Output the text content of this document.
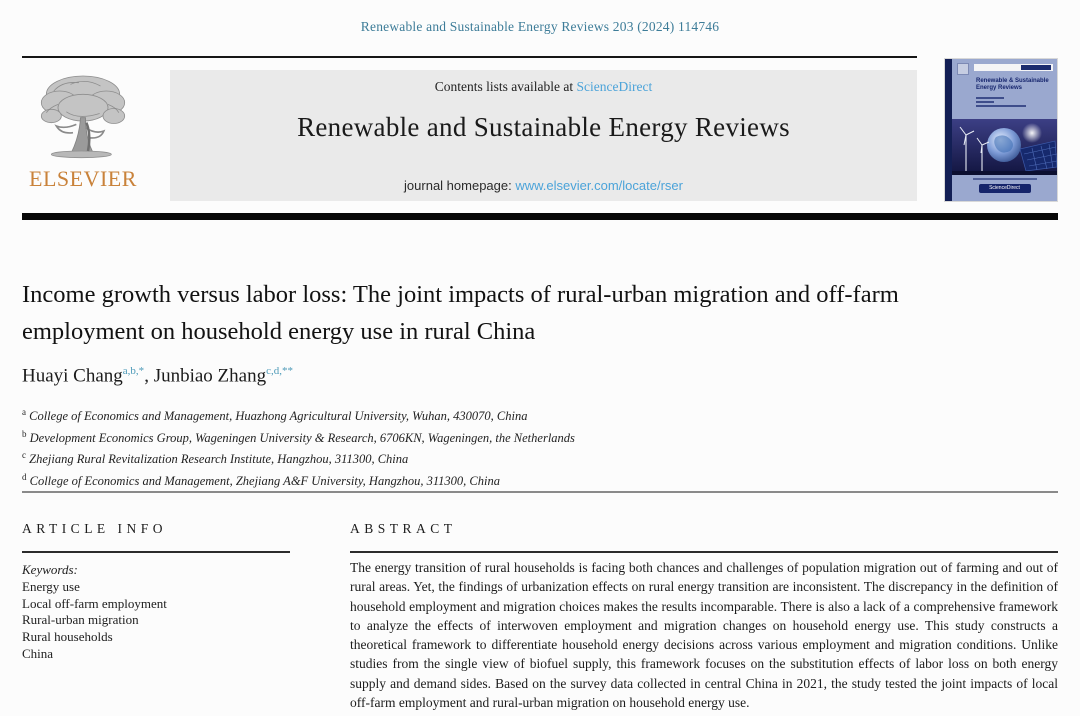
Renewable and Sustainable Energy Reviews 203 (2024) 114746
ELSEVIER
Contents lists available at ScienceDirect
Renewable and Sustainable Energy Reviews
journal homepage: www.elsevier.com/locate/rser
Renewable & Sustainable Energy Reviews
ScienceDirect
Income growth versus labor loss: The joint impacts of rural-urban migration and off-farm employment on household energy use in rural China
Huayi Chang$^{a,b,*}$, Junbiao Zhang$^{c,d,**}$
$^a$ College of Economics and Management, Huazhong Agricultural University, Wuhan, 430070, China
$^b$ Development Economics Group, Wageningen University & Research, 6706KN, Wageningen, the Netherlands
$^c$ Zhejiang Rural Revitalization Research Institute, Hangzhou, 311300, China
$^d$ College of Economics and Management, Zhejiang A&F University, Hangzhou, 311300, China
ARTICLE INFO	ABSTRACT
Keywords:
Energy use
Local off-farm employment
Rural-urban migration
Rural households
China
The energy transition of rural households is facing both chances and challenges of population migration out of farming and out of rural areas. Yet, the findings of urbanization effects on rural energy transition are inconsistent. The discrepancy in the definition of household employment and migration choices makes the results incomparable. There is also a lack of a comprehensive framework to analyze the effects of interwoven employment and migration changes on household energy use. This study constructs a theoretical framework to differentiate household energy decisions across various employment and migration conditions. Unlike studies from the single view of biofuel supply, this framework focuses on the substitution effects of labor loss on both energy supply and demand sides. Based on the survey data collected in central China in 2021, the study tested the joint impacts of local off-farm employment and rural-urban migration on household energy use.
